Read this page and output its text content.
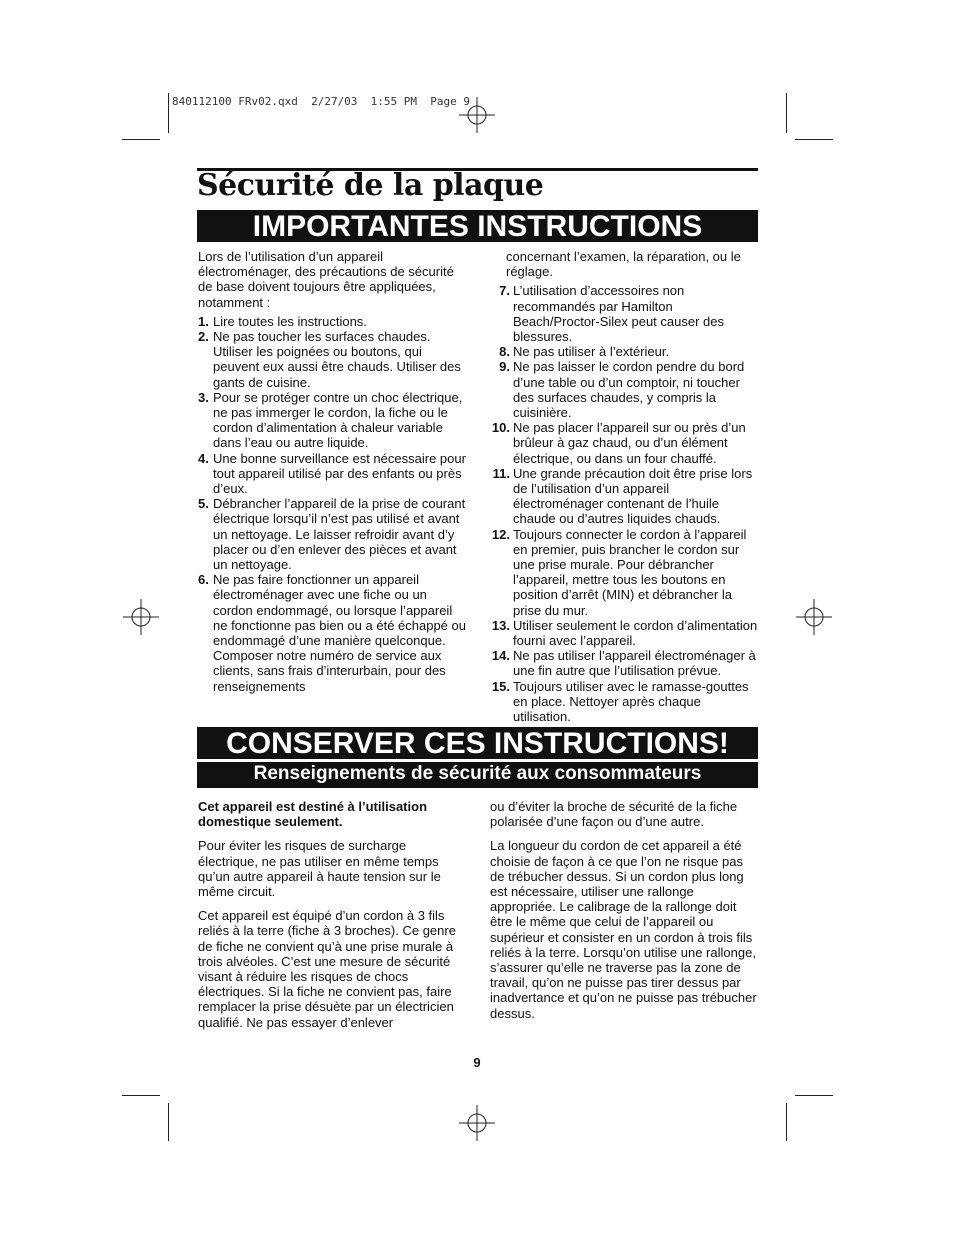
840112100 FRv02.qxd  2/27/03  1:55 PM  Page 9
Sécurité de la plaque
IMPORTANTES INSTRUCTIONS

Lors de l’utilisation d’un appareil électroménager, des précautions de sécurité de base doivent toujours être appliquées, notamment :

1. Lire toutes les instructions.
2. Ne pas toucher les surfaces chaudes. Utiliser les poignées ou boutons, qui peuvent eux aussi être chauds. Utiliser des gants de cuisine.
3. Pour se protéger contre un choc électrique, ne pas immerger le cordon, la fiche ou le cordon d’alimentation à chaleur variable dans l’eau ou autre liquide.
4. Une bonne surveillance est nécessaire pour tout appareil utilisé par des enfants ou près d’eux.
5. Débrancher l’appareil de la prise de courant électrique lorsqu’il n’est pas utilisé et avant un nettoyage. Le laisser refroidir avant d’y placer ou d’en enlever des pièces et avant un nettoyage.
6. Ne pas faire fonctionner un appareil électroménager avec une fiche ou un cordon endommagé, ou lorsque l’appareil ne fonctionne pas bien ou a été échappé ou endommagé d’une manière quelconque. Composer notre numéro de service aux clients, sans frais d’interurbain, pour des renseignements

concernant l’examen, la réparation, ou le réglage.

7. L’utilisation d’accessoires non recommandés par Hamilton Beach/Proctor-Silex peut causer des blessures.
8. Ne pas utiliser à l’extérieur.
9. Ne pas laisser le cordon pendre du bord d’une table ou d’un comptoir, ni toucher des surfaces chaudes, y compris la cuisinière.
10. Ne pas placer l’appareil sur ou près d’un brûleur à gaz chaud, ou d’un élément électrique, ou dans un four chauffé.
11. Une grande précaution doit être prise lors de l’utilisation d’un appareil électroménager contenant de l’huile chaude ou d’autres liquides chauds.
12. Toujours connecter le cordon à l’appareil en premier, puis brancher le cordon sur une prise murale. Pour débrancher l’appareil, mettre tous les boutons en position d’arrêt (MIN) et débrancher la prise du mur.
13. Utiliser seulement le cordon d’alimentation fourni avec l’appareil.
14. Ne pas utiliser l’appareil électroménager à une fin autre que l’utilisation prévue.
15. Toujours utiliser avec le ramasse-gouttes en place. Nettoyer après chaque utilisation.
CONSERVER CES INSTRUCTIONS!
Renseignements de sécurité aux consommateurs

Cet appareil est destiné à l’utilisation domestique seulement.

Pour éviter les risques de surcharge électrique, ne pas utiliser en même temps qu’un autre appareil à haute tension sur le même circuit.

Cet appareil est équipé d’un cordon à 3 fils reliés à la terre (fiche à 3 broches). Ce genre de fiche ne convient qu’à une prise murale à trois alvéoles. C’est une mesure de sécurité visant à réduire les risques de chocs électriques. Si la fiche ne convient pas, faire remplacer la prise désuète par un électricien qualifié. Ne pas essayer d’enlever

ou d’éviter la broche de sécurité de la fiche polarisée d’une façon ou d’une autre.

La longueur du cordon de cet appareil a été choisie de façon à ce que l’on ne risque pas de trébucher dessus. Si un cordon plus long est nécessaire, utiliser une rallonge appropriée. Le calibrage de la rallonge doit être le même que celui de l’appareil ou supérieur et consister en un cordon à trois fils reliés à la terre. Lorsqu’on utilise une rallonge, s’assurer qu’elle ne traverse pas la zone de travail, qu’on ne puisse pas tirer dessus par inadvertance et qu’on ne puisse pas trébucher dessus.

9
